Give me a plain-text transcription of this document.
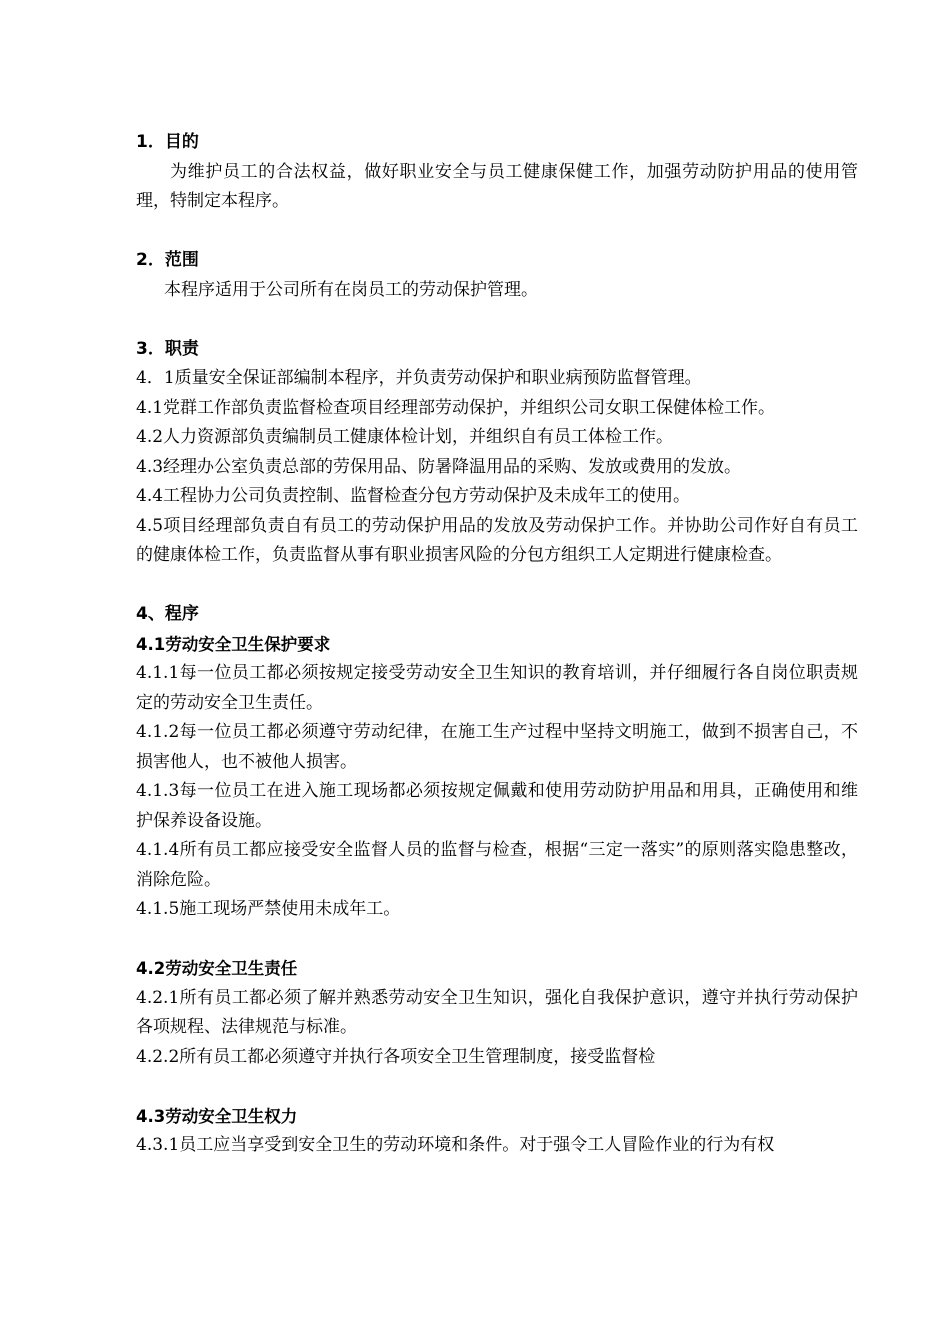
1．目的

为维护员工的合法权益，做好职业安全与员工健康保健工作，加强劳动防护用品的使用管理，特制定本程序。

2．范围

本程序适用于公司所有在岗员工的劳动保护管理。

3．职责

4．1质量安全保证部编制本程序，并负责劳动保护和职业病预防监督管理。

4.1党群工作部负责监督检查项目经理部劳动保护，并组织公司女职工保健体检工作。

4.2人力资源部负责编制员工健康体检计划，并组织自有员工体检工作。

4.3经理办公室负责总部的劳保用品、防暑降温用品的采购、发放或费用的发放。

4.4工程协力公司负责控制、监督检查分包方劳动保护及未成年工的使用。

4.5项目经理部负责自有员工的劳动保护用品的发放及劳动保护工作。并协助公司作好自有员工的健康体检工作，负责监督从事有职业损害风险的分包方组织工人定期进行健康检查。

4、程序

4.1劳动安全卫生保护要求

4.1.1每一位员工都必须按规定接受劳动安全卫生知识的教育培训，并仔细履行各自岗位职责规定的劳动安全卫生责任。

4.1.2每一位员工都必须遵守劳动纪律，在施工生产过程中坚持文明施工，做到不损害自己，不损害他人，也不被他人损害。

4.1.3每一位员工在进入施工现场都必须按规定佩戴和使用劳动防护用品和用具，正确使用和维护保养设备设施。

4.1.4所有员工都应接受安全监督人员的监督与检查，根据“三定一落实”的原则落实隐患整改，消除危险。

4.1.5施工现场严禁使用未成年工。

4.2劳动安全卫生责任

4.2.1所有员工都必须了解并熟悉劳动安全卫生知识，强化自我保护意识，遵守并执行劳动保护各项规程、法律规范与标准。

4.2.2所有员工都必须遵守并执行各项安全卫生管理制度，接受监督检

4.3劳动安全卫生权力

4.3.1员工应当享受到安全卫生的劳动环境和条件。对于强令工人冒险作业的行为有权
